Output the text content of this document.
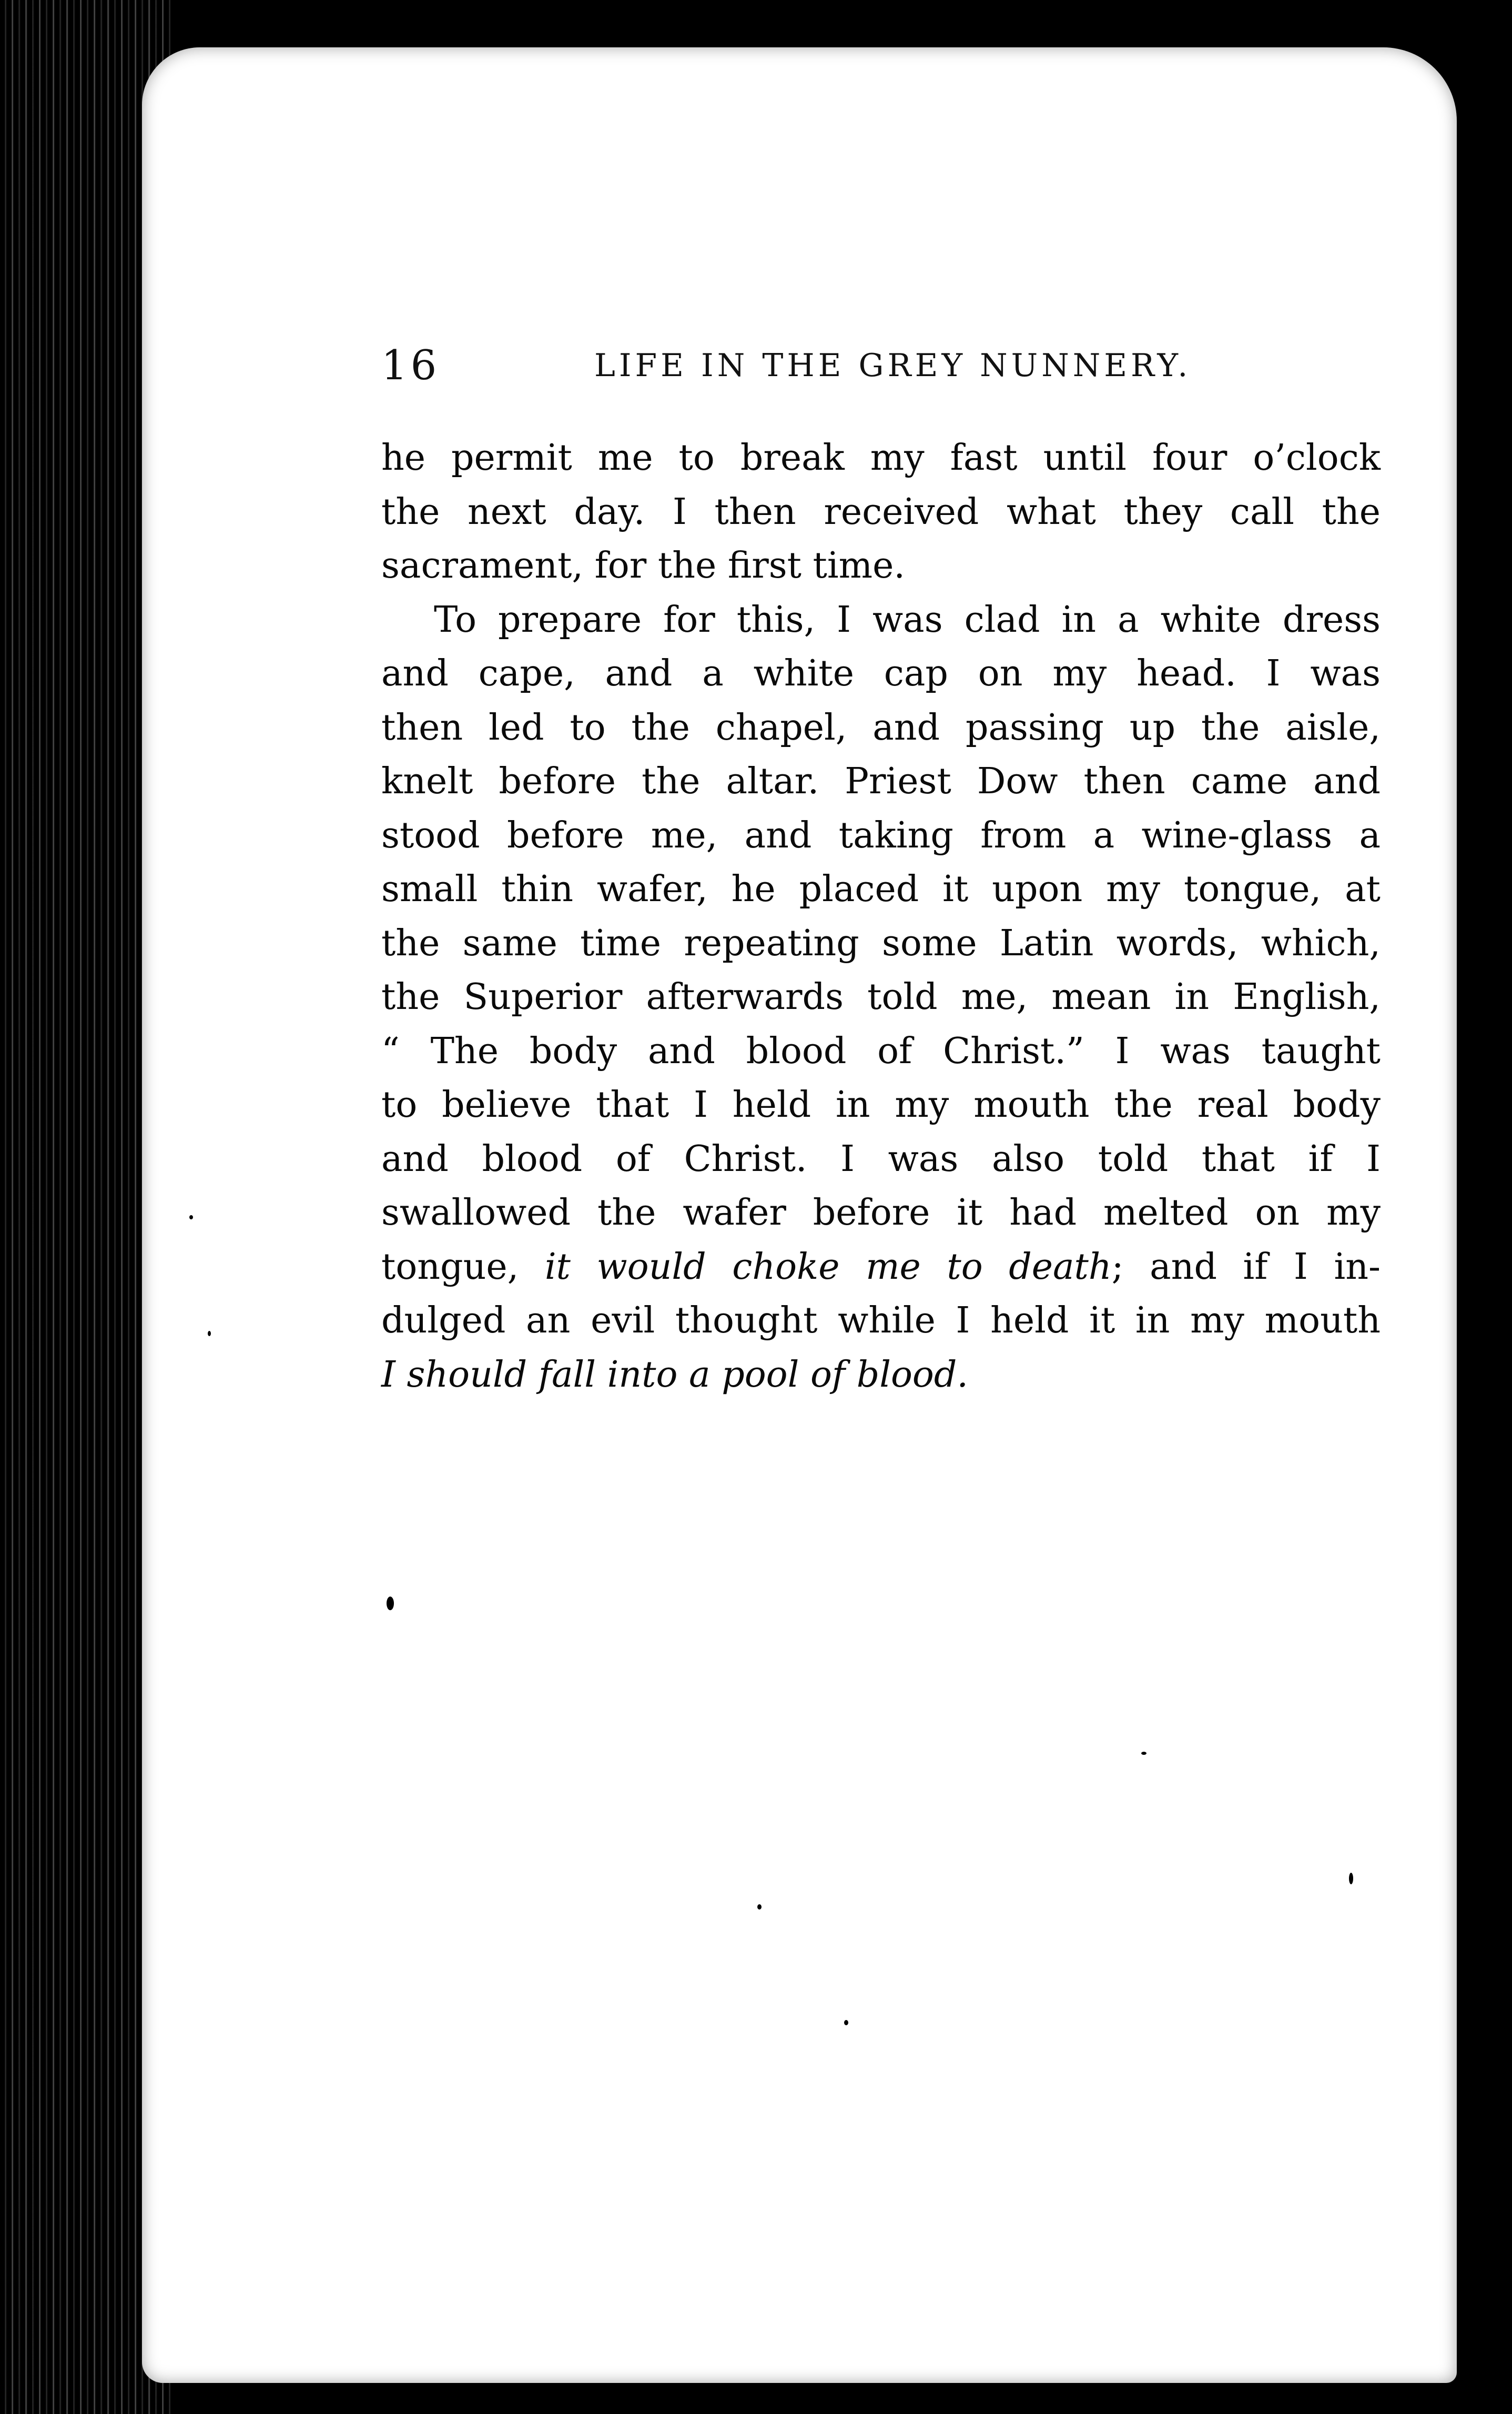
16	LIFE IN THE GREY NUNNERY.
he permit me to break my fast until four o’clock
the next day. I then received what they call the
sacrament, for the first time.
To prepare for this, I was clad in a white dress
and cape, and a white cap on my head. I was
then led to the chapel, and passing up the aisle,
knelt before the altar. Priest Dow then came and
stood before me, and taking from a wine-glass a
small thin wafer, he placed it upon my tongue, at
the same time repeating some Latin words, which,
the Superior afterwards told me, mean in English,
“ The body and blood of Christ.” I was taught
to believe that I held in my mouth the real body
and blood of Christ. I was also told that if I
swallowed the wafer before it had melted on my
tongue, it would choke me to death; and if I in-
dulged an evil thought while I held it in my mouth
I should fall into a pool of blood.
